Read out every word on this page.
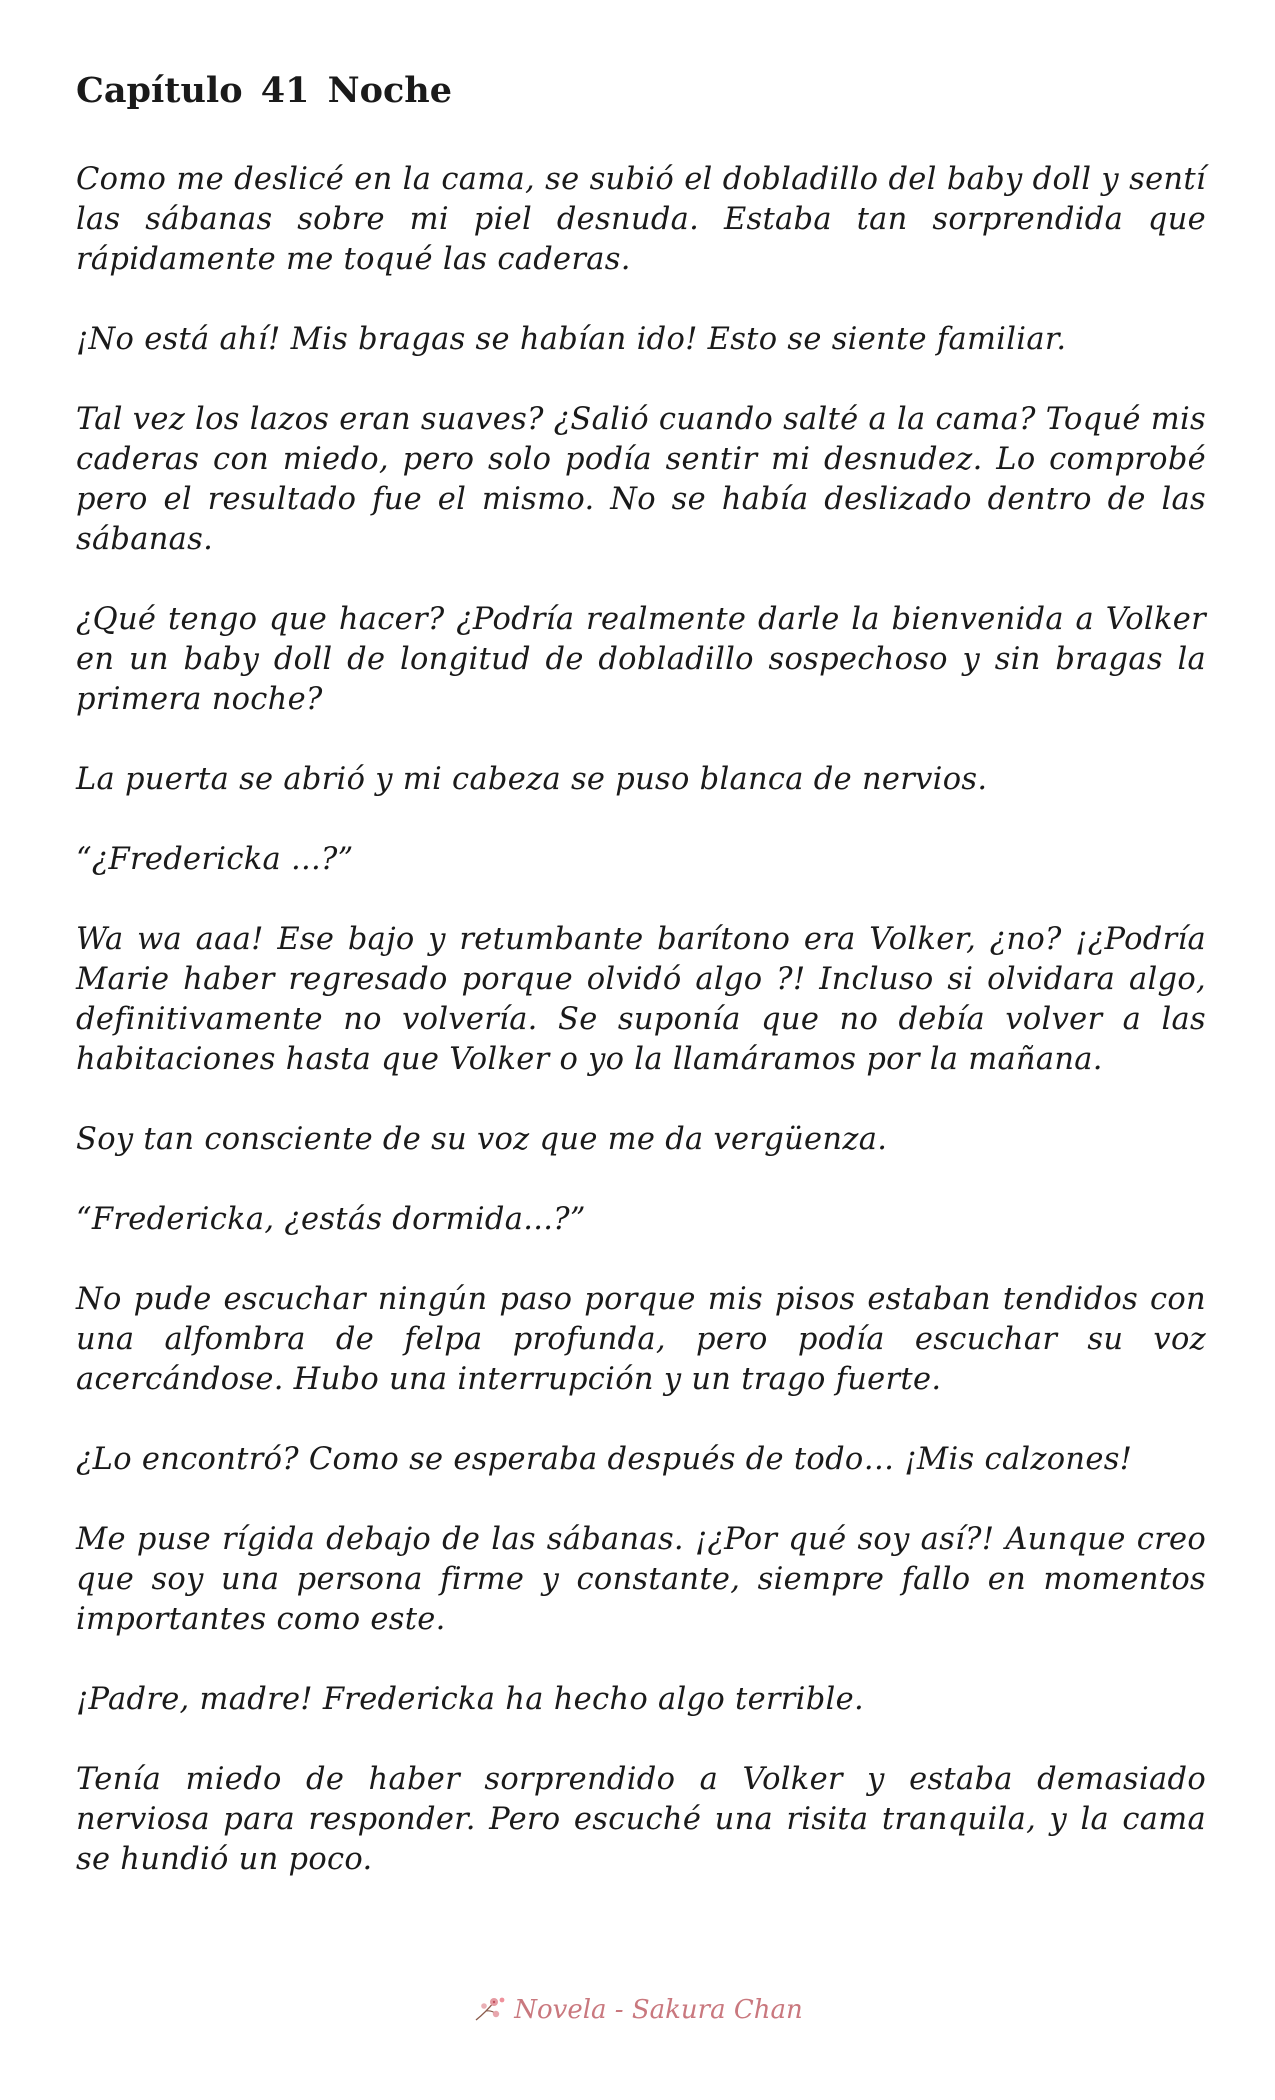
Capítulo 41 Noche

Como me deslicé en la cama, se subió el dobladillo del baby doll y sentí las sábanas sobre mi piel desnuda. Estaba tan sorprendida que rápidamente me toqué las caderas.

¡No está ahí! Mis bragas se habían ido! Esto se siente familiar.

Tal vez los lazos eran suaves? ¿Salió cuando salté a la cama? Toqué mis caderas con miedo, pero solo podía sentir mi desnudez. Lo comprobé pero el resultado fue el mismo. No se había deslizado dentro de las sábanas.

¿Qué tengo que hacer? ¿Podría realmente darle la bienvenida a Volker en un baby doll de longitud de dobladillo sospechoso y sin bragas la primera noche?

La puerta se abrió y mi cabeza se puso blanca de nervios.

“¿Fredericka ...?”

Wa wa aaa! Ese bajo y retumbante barítono era Volker, ¿no? ¡¿Podría Marie haber regresado porque olvidó algo ?! Incluso si olvidara algo, definitivamente no volvería. Se suponía que no debía volver a las habitaciones hasta que Volker o yo la llamáramos por la mañana.

Soy tan consciente de su voz que me da vergüenza.

“Fredericka, ¿estás dormida...?”

No pude escuchar ningún paso porque mis pisos estaban tendidos con una alfombra de felpa profunda, pero podía escuchar su voz acercándose. Hubo una interrupción y un trago fuerte.

¿Lo encontró? Como se esperaba después de todo… ¡Mis calzones!

Me puse rígida debajo de las sábanas. ¡¿Por qué soy así?! Aunque creo que soy una persona firme y constante, siempre fallo en momentos importantes como este.

¡Padre, madre! Fredericka ha hecho algo terrible.

Tenía miedo de haber sorprendido a Volker y estaba demasiado nerviosa para responder. Pero escuché una risita tranquila, y la cama se hundió un poco.

Novela - Sakura Chan
